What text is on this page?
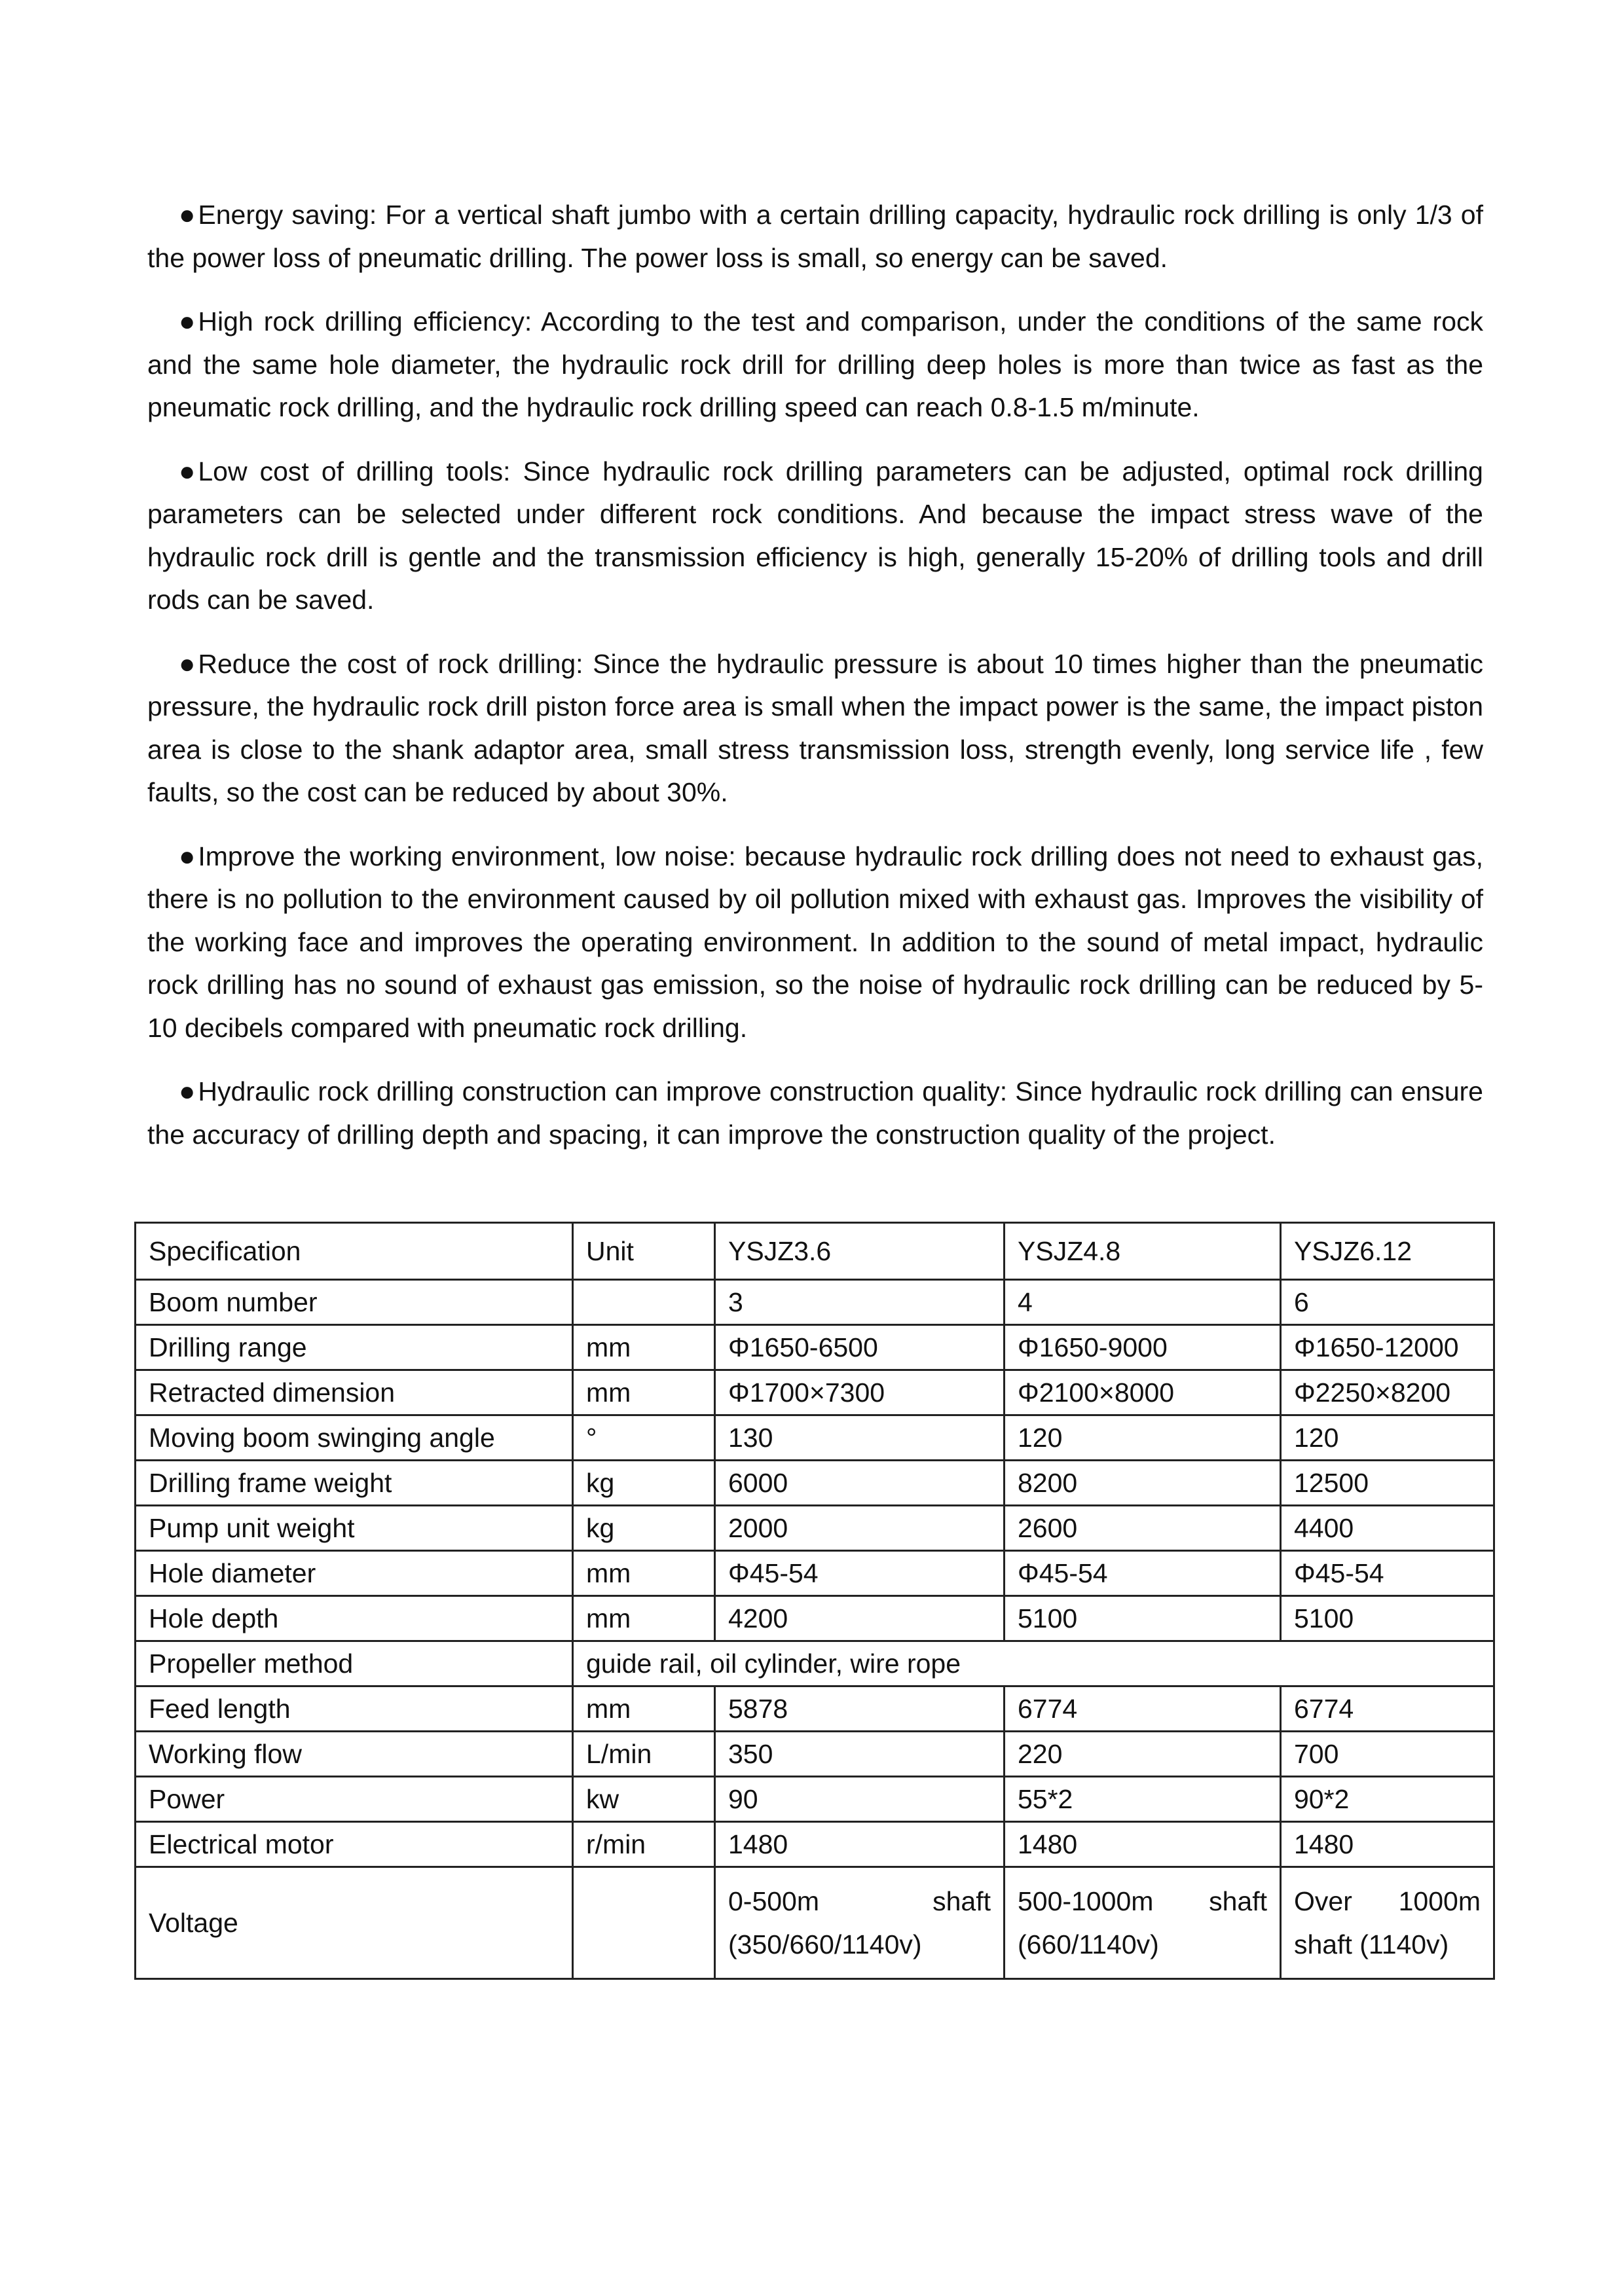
●Energy saving: For a vertical shaft jumbo with a certain drilling capacity, hydraulic rock drilling is only 1/3 of the power loss of pneumatic drilling. The power loss is small, so energy can be saved.

●High rock drilling efficiency: According to the test and comparison, under the conditions of the same rock and the same hole diameter, the hydraulic rock drill for drilling deep holes is more than twice as fast as the pneumatic rock drilling, and the hydraulic rock drilling speed can reach 0.8-1.5 m/minute.

●Low cost of drilling tools: Since hydraulic rock drilling parameters can be adjusted, optimal rock drilling parameters can be selected under different rock conditions. And because the impact stress wave of the hydraulic rock drill is gentle and the transmission efficiency is high, generally 15-20% of drilling tools and drill rods can be saved.

●Reduce the cost of rock drilling: Since the hydraulic pressure is about 10 times higher than the pneumatic pressure, the hydraulic rock drill piston force area is small when the impact power is the same, the impact piston area is close to the shank adaptor area, small stress transmission loss, strength evenly, long service life , few faults, so the cost can be reduced by about 30%.

●Improve the working environment, low noise: because hydraulic rock drilling does not need to exhaust gas, there is no pollution to the environment caused by oil pollution mixed with exhaust gas. Improves the visibility of the working face and improves the operating environment. In addition to the sound of metal impact, hydraulic rock drilling has no sound of exhaust gas emission, so the noise of hydraulic rock drilling can be reduced by 5-10 decibels compared with pneumatic rock drilling.

●Hydraulic rock drilling construction can improve construction quality: Since hydraulic rock drilling can ensure the accuracy of drilling depth and spacing, it can improve the construction quality of the project.

Specification	Unit	YSJZ3.6	YSJZ4.8	YSJZ6.12
Boom number		3	4	6
Drilling range	mm	Φ1650-6500	Φ1650-9000	Φ1650-12000
Retracted dimension	mm	Φ1700×7300	Φ2100×8000	Φ2250×8200
Moving boom swinging angle	°	130	120	120
Drilling frame weight	kg	6000	8200	12500
Pump unit weight	kg	2000	2600	4400
Hole diameter	mm	Φ45-54	Φ45-54	Φ45-54
Hole depth	mm	4200	5100	5100
Propeller method	guide rail, oil cylinder, wire rope			
Feed length	mm	5878	6774	6774
Working flow	L/min	350	220	700
Power	kw	90	55*2	90*2
Electrical motor	r/min	1480	1480	1480
Voltage		0-500m shaft (350/660/1140v)	500-1000m shaft (660/1140v)	Over 1000m shaft (1140v)
